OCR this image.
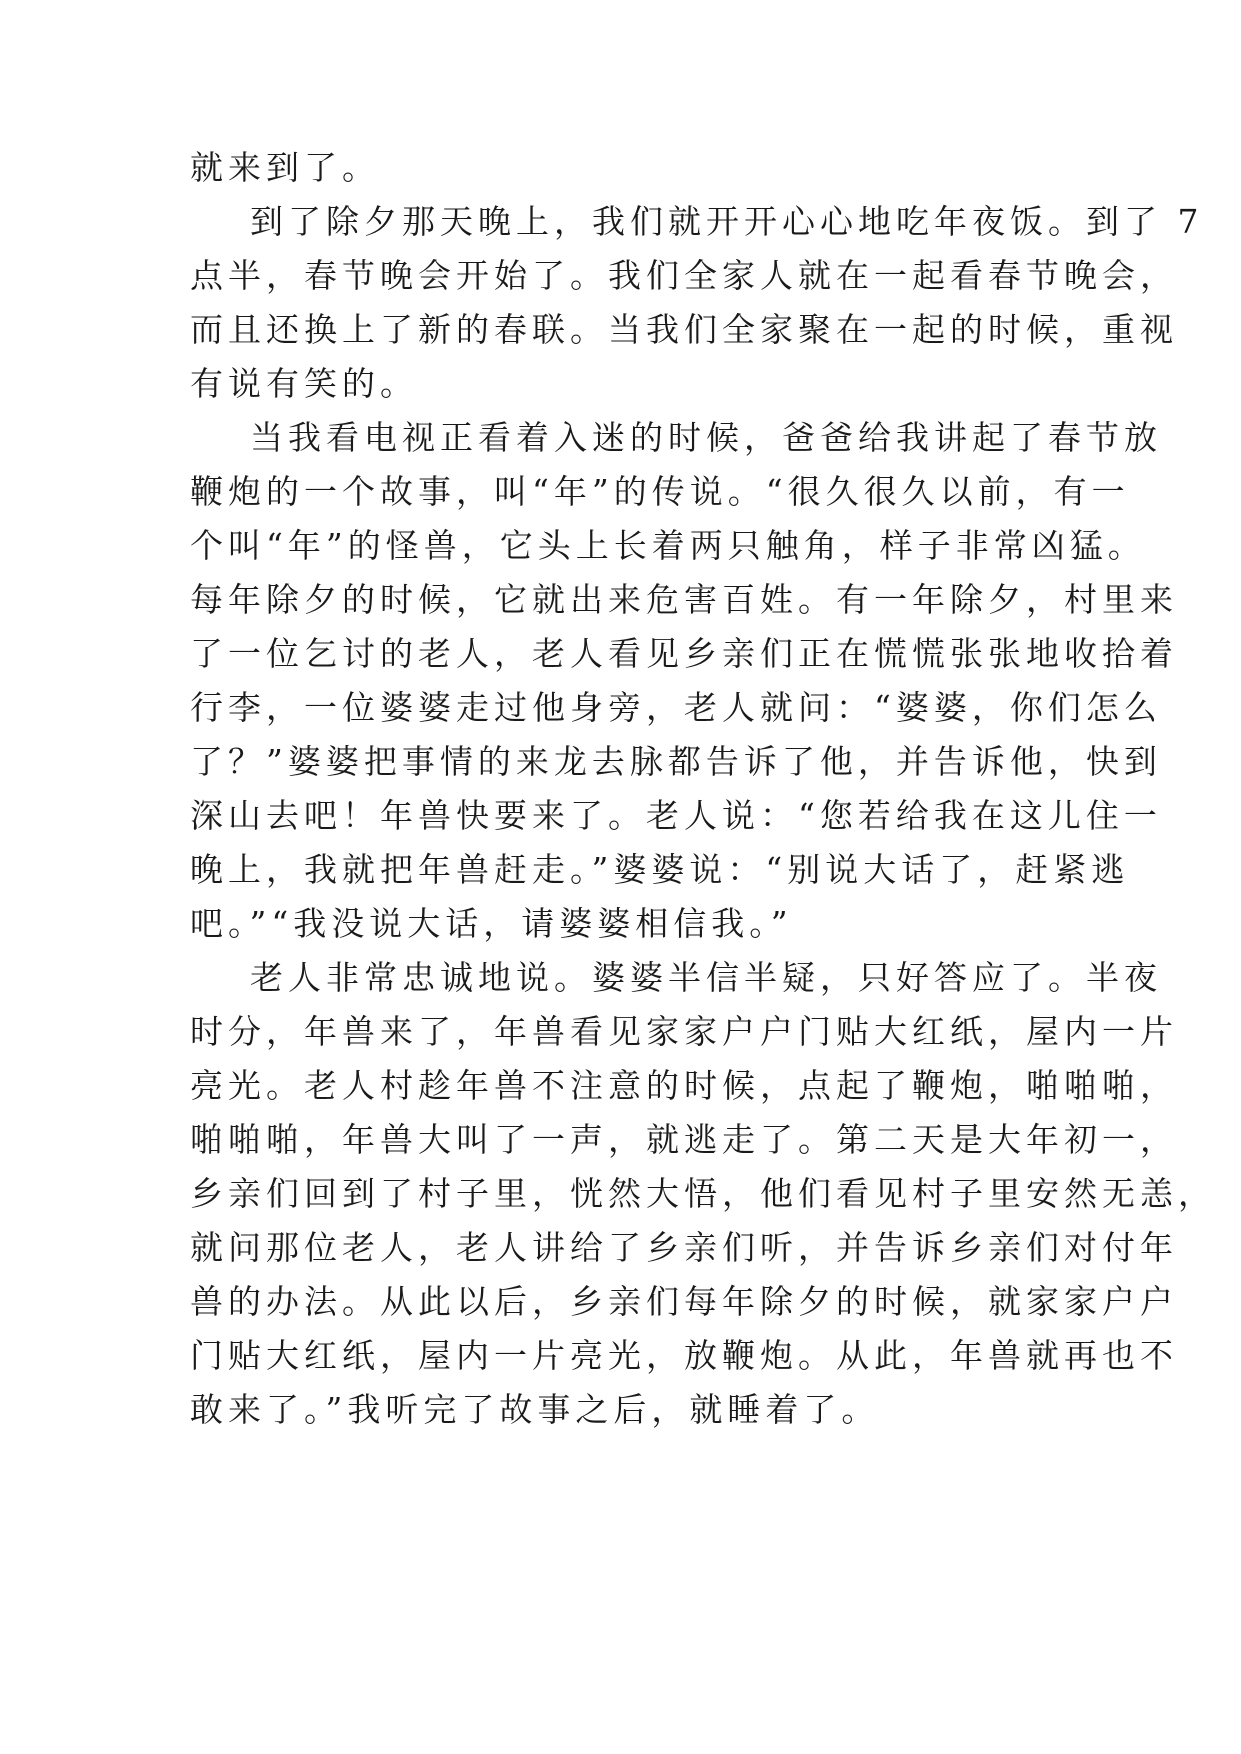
就来到了。
到了除夕那天晚上，我们就开开心心地吃年夜饭。到了 7
点半，春节晚会开始了。我们全家人就在一起看春节晚会，
而且还换上了新的春联。当我们全家聚在一起的时候，重视
有说有笑的。
当我看电视正看着入迷的时候，爸爸给我讲起了春节放
鞭炮的一个故事，叫“年”的传说。“很久很久以前，有一
个叫“年”的怪兽，它头上长着两只触角，样子非常凶猛。
每年除夕的时候，它就出来危害百姓。有一年除夕，村里来
了一位乞讨的老人，老人看见乡亲们正在慌慌张张地收拾着
行李，一位婆婆走过他身旁，老人就问：“婆婆，你们怎么
了？”婆婆把事情的来龙去脉都告诉了他，并告诉他，快到
深山去吧！年兽快要来了。老人说：“您若给我在这儿住一
晚上，我就把年兽赶走。”婆婆说：“别说大话了，赶紧逃
吧。”“我没说大话，请婆婆相信我。”
老人非常忠诚地说。婆婆半信半疑，只好答应了。半夜
时分，年兽来了，年兽看见家家户户门贴大红纸，屋内一片
亮光。老人村趁年兽不注意的时候，点起了鞭炮，啪啪啪，
啪啪啪，年兽大叫了一声，就逃走了。第二天是大年初一，
乡亲们回到了村子里，恍然大悟，他们看见村子里安然无恙，
就问那位老人，老人讲给了乡亲们听，并告诉乡亲们对付年
兽的办法。从此以后，乡亲们每年除夕的时候，就家家户户
门贴大红纸，屋内一片亮光，放鞭炮。从此，年兽就再也不
敢来了。”我听完了故事之后，就睡着了。
